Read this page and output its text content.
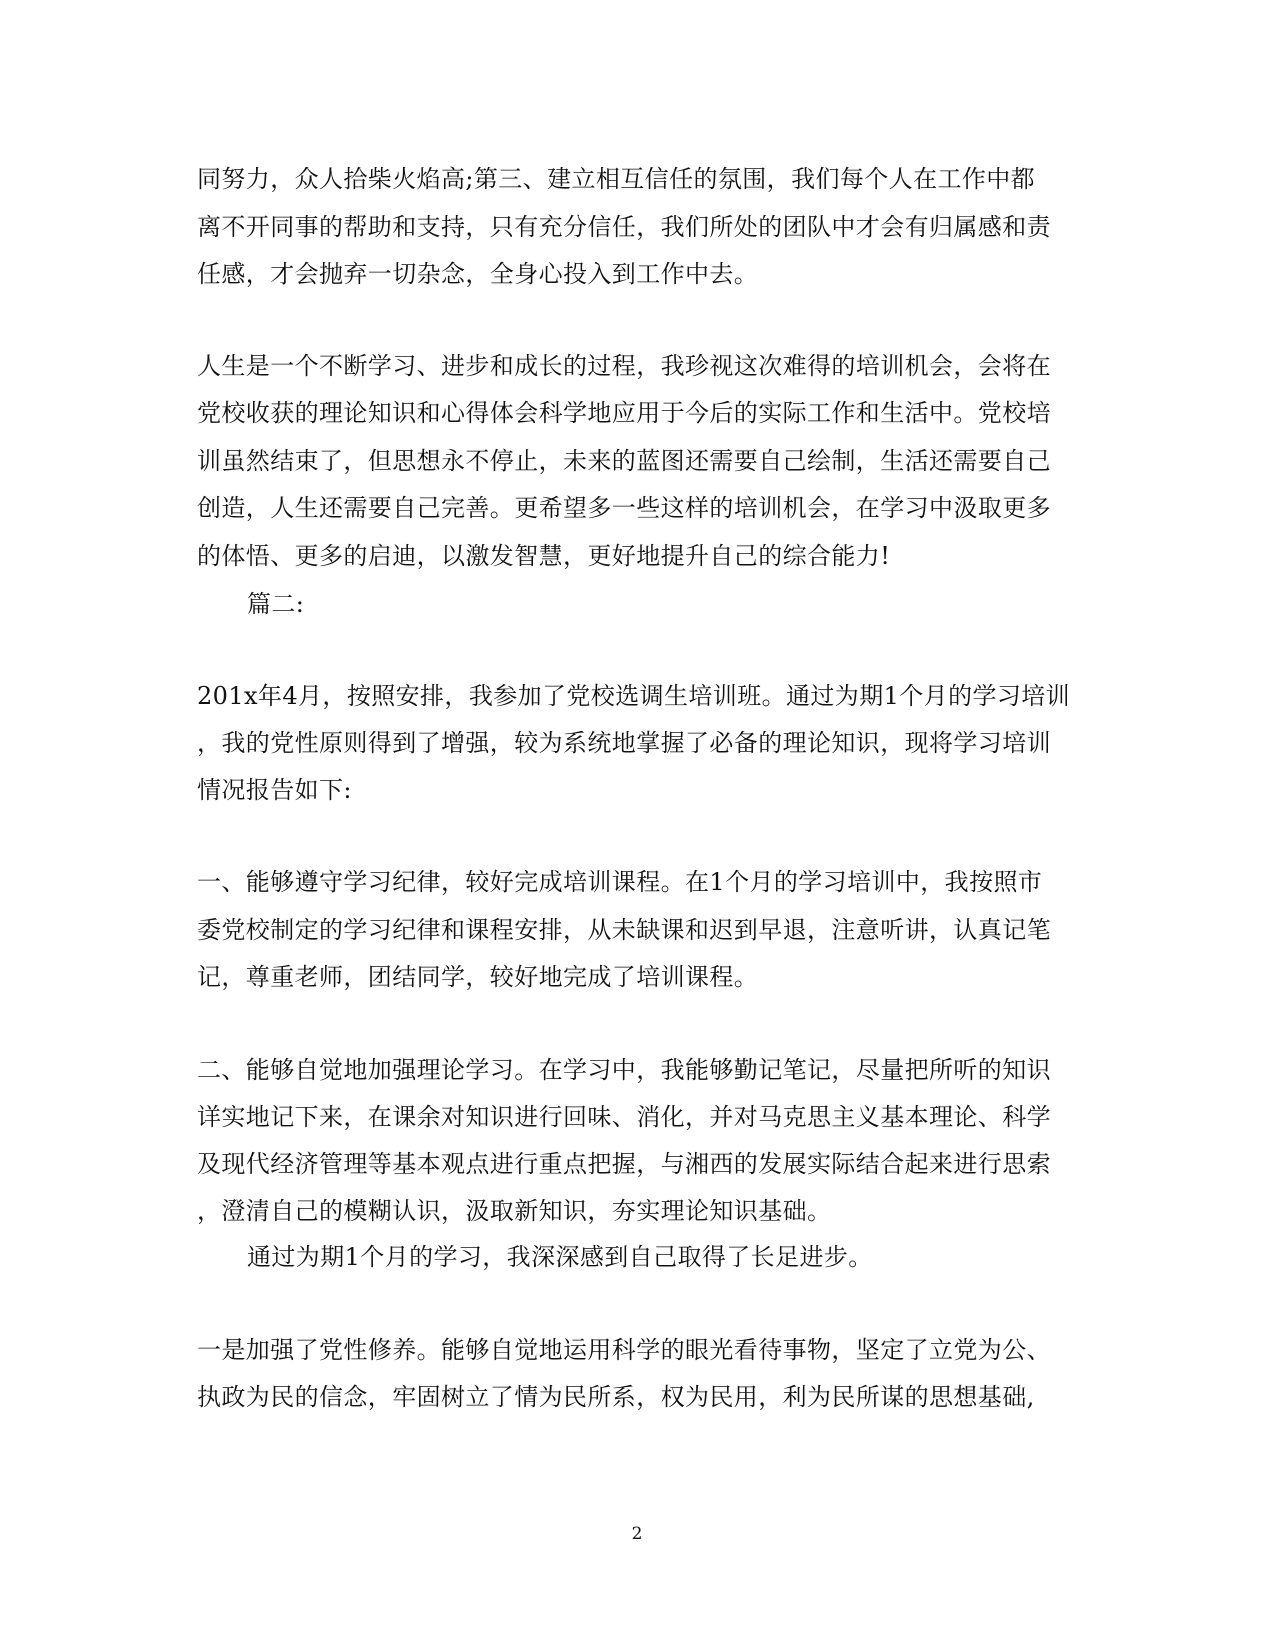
同努力，众人拾柴火焰高;第三、建立相互信任的氛围，我们每个人在工作中都
离不开同事的帮助和支持，只有充分信任，我们所处的团队中才会有归属感和责
任感，才会抛弃一切杂念，全身心投入到工作中去。
人生是一个不断学习、进步和成长的过程，我珍视这次难得的培训机会，会将在
党校收获的理论知识和心得体会科学地应用于今后的实际工作和生活中。党校培
训虽然结束了，但思想永不停止，未来的蓝图还需要自己绘制，生活还需要自己
创造，人生还需要自己完善。更希望多一些这样的培训机会，在学习中汲取更多
的体悟、更多的启迪，以激发智慧，更好地提升自己的综合能力!
篇二:
201x年4月，按照安排，我参加了党校选调生培训班。通过为期1个月的学习培训
，我的党性原则得到了增强，较为系统地掌握了必备的理论知识，现将学习培训
情况报告如下:
一、能够遵守学习纪律，较好完成培训课程。在1个月的学习培训中，我按照市
委党校制定的学习纪律和课程安排，从未缺课和迟到早退，注意听讲，认真记笔
记，尊重老师，团结同学，较好地完成了培训课程。
二、能够自觉地加强理论学习。在学习中，我能够勤记笔记，尽量把所听的知识
详实地记下来，在课余对知识进行回味、消化，并对马克思主义基本理论、科学
及现代经济管理等基本观点进行重点把握，与湘西的发展实际结合起来进行思索
，澄清自己的模糊认识，汲取新知识，夯实理论知识基础。
通过为期1个月的学习，我深深感到自己取得了长足进步。
一是加强了党性修养。能够自觉地运用科学的眼光看待事物，坚定了立党为公、
执政为民的信念，牢固树立了情为民所系，权为民用，利为民所谋的思想基础,
2
